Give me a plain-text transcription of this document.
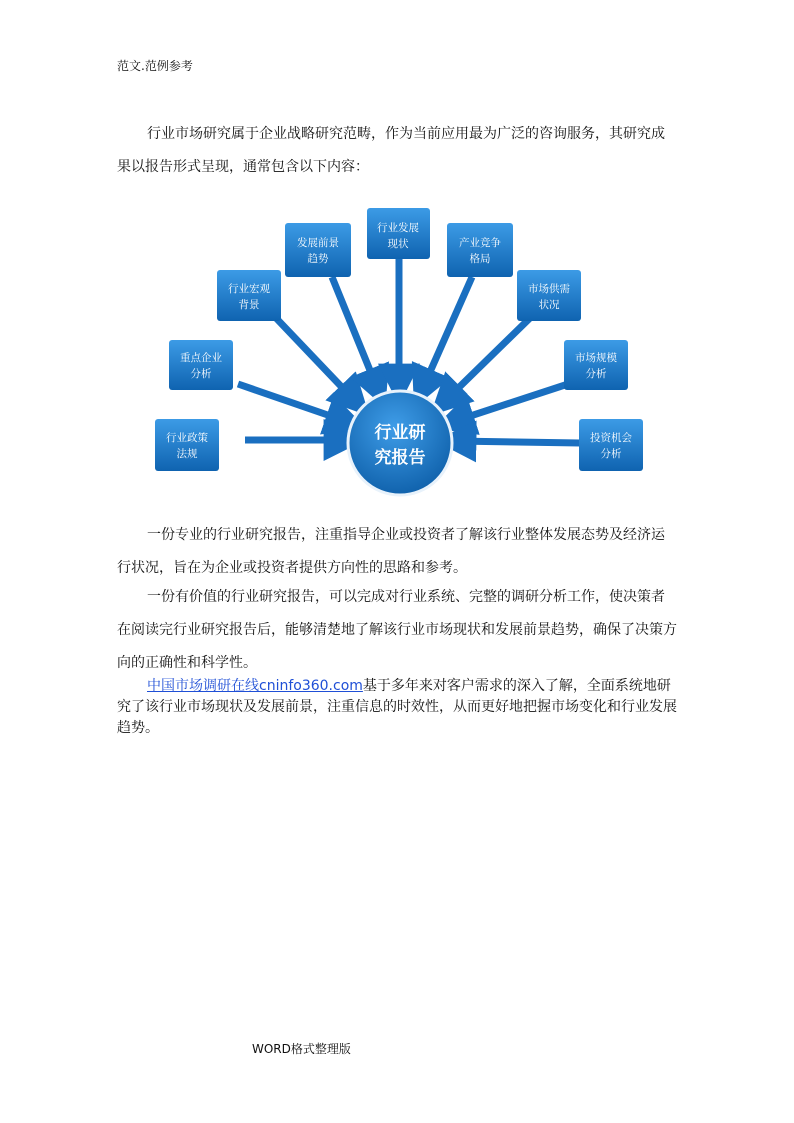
范文.范例参考

行业市场研究属于企业战略研究范畴，作为当前应用最为广泛的咨询服务，其研究成果以报告形式呈现，通常包含以下内容：

行业研
究报告
行业政策
法规
重点企业
分析
行业宏观
背景
发展前景
趋势
行业发展
现状	产业竞争
格局
市场供需
状况
市场规模
分析
投资机会
分析

一份专业的行业研究报告，注重指导企业或投资者了解该行业整体发展态势及经济运行状况，旨在为企业或投资者提供方向性的思路和参考。

一份有价值的行业研究报告，可以完成对行业系统、完整的调研分析工作，使决策者在阅读完行业研究报告后，能够清楚地了解该行业市场现状和发展前景趋势，确保了决策方向的正确性和科学性。

中国市场调研在线cninfo360.com基于多年来对客户需求的深入了解，全面系统地研究了该行业市场现状及发展前景，注重信息的时效性，从而更好地把握市场变化和行业发展趋势。

WORD格式整理版
